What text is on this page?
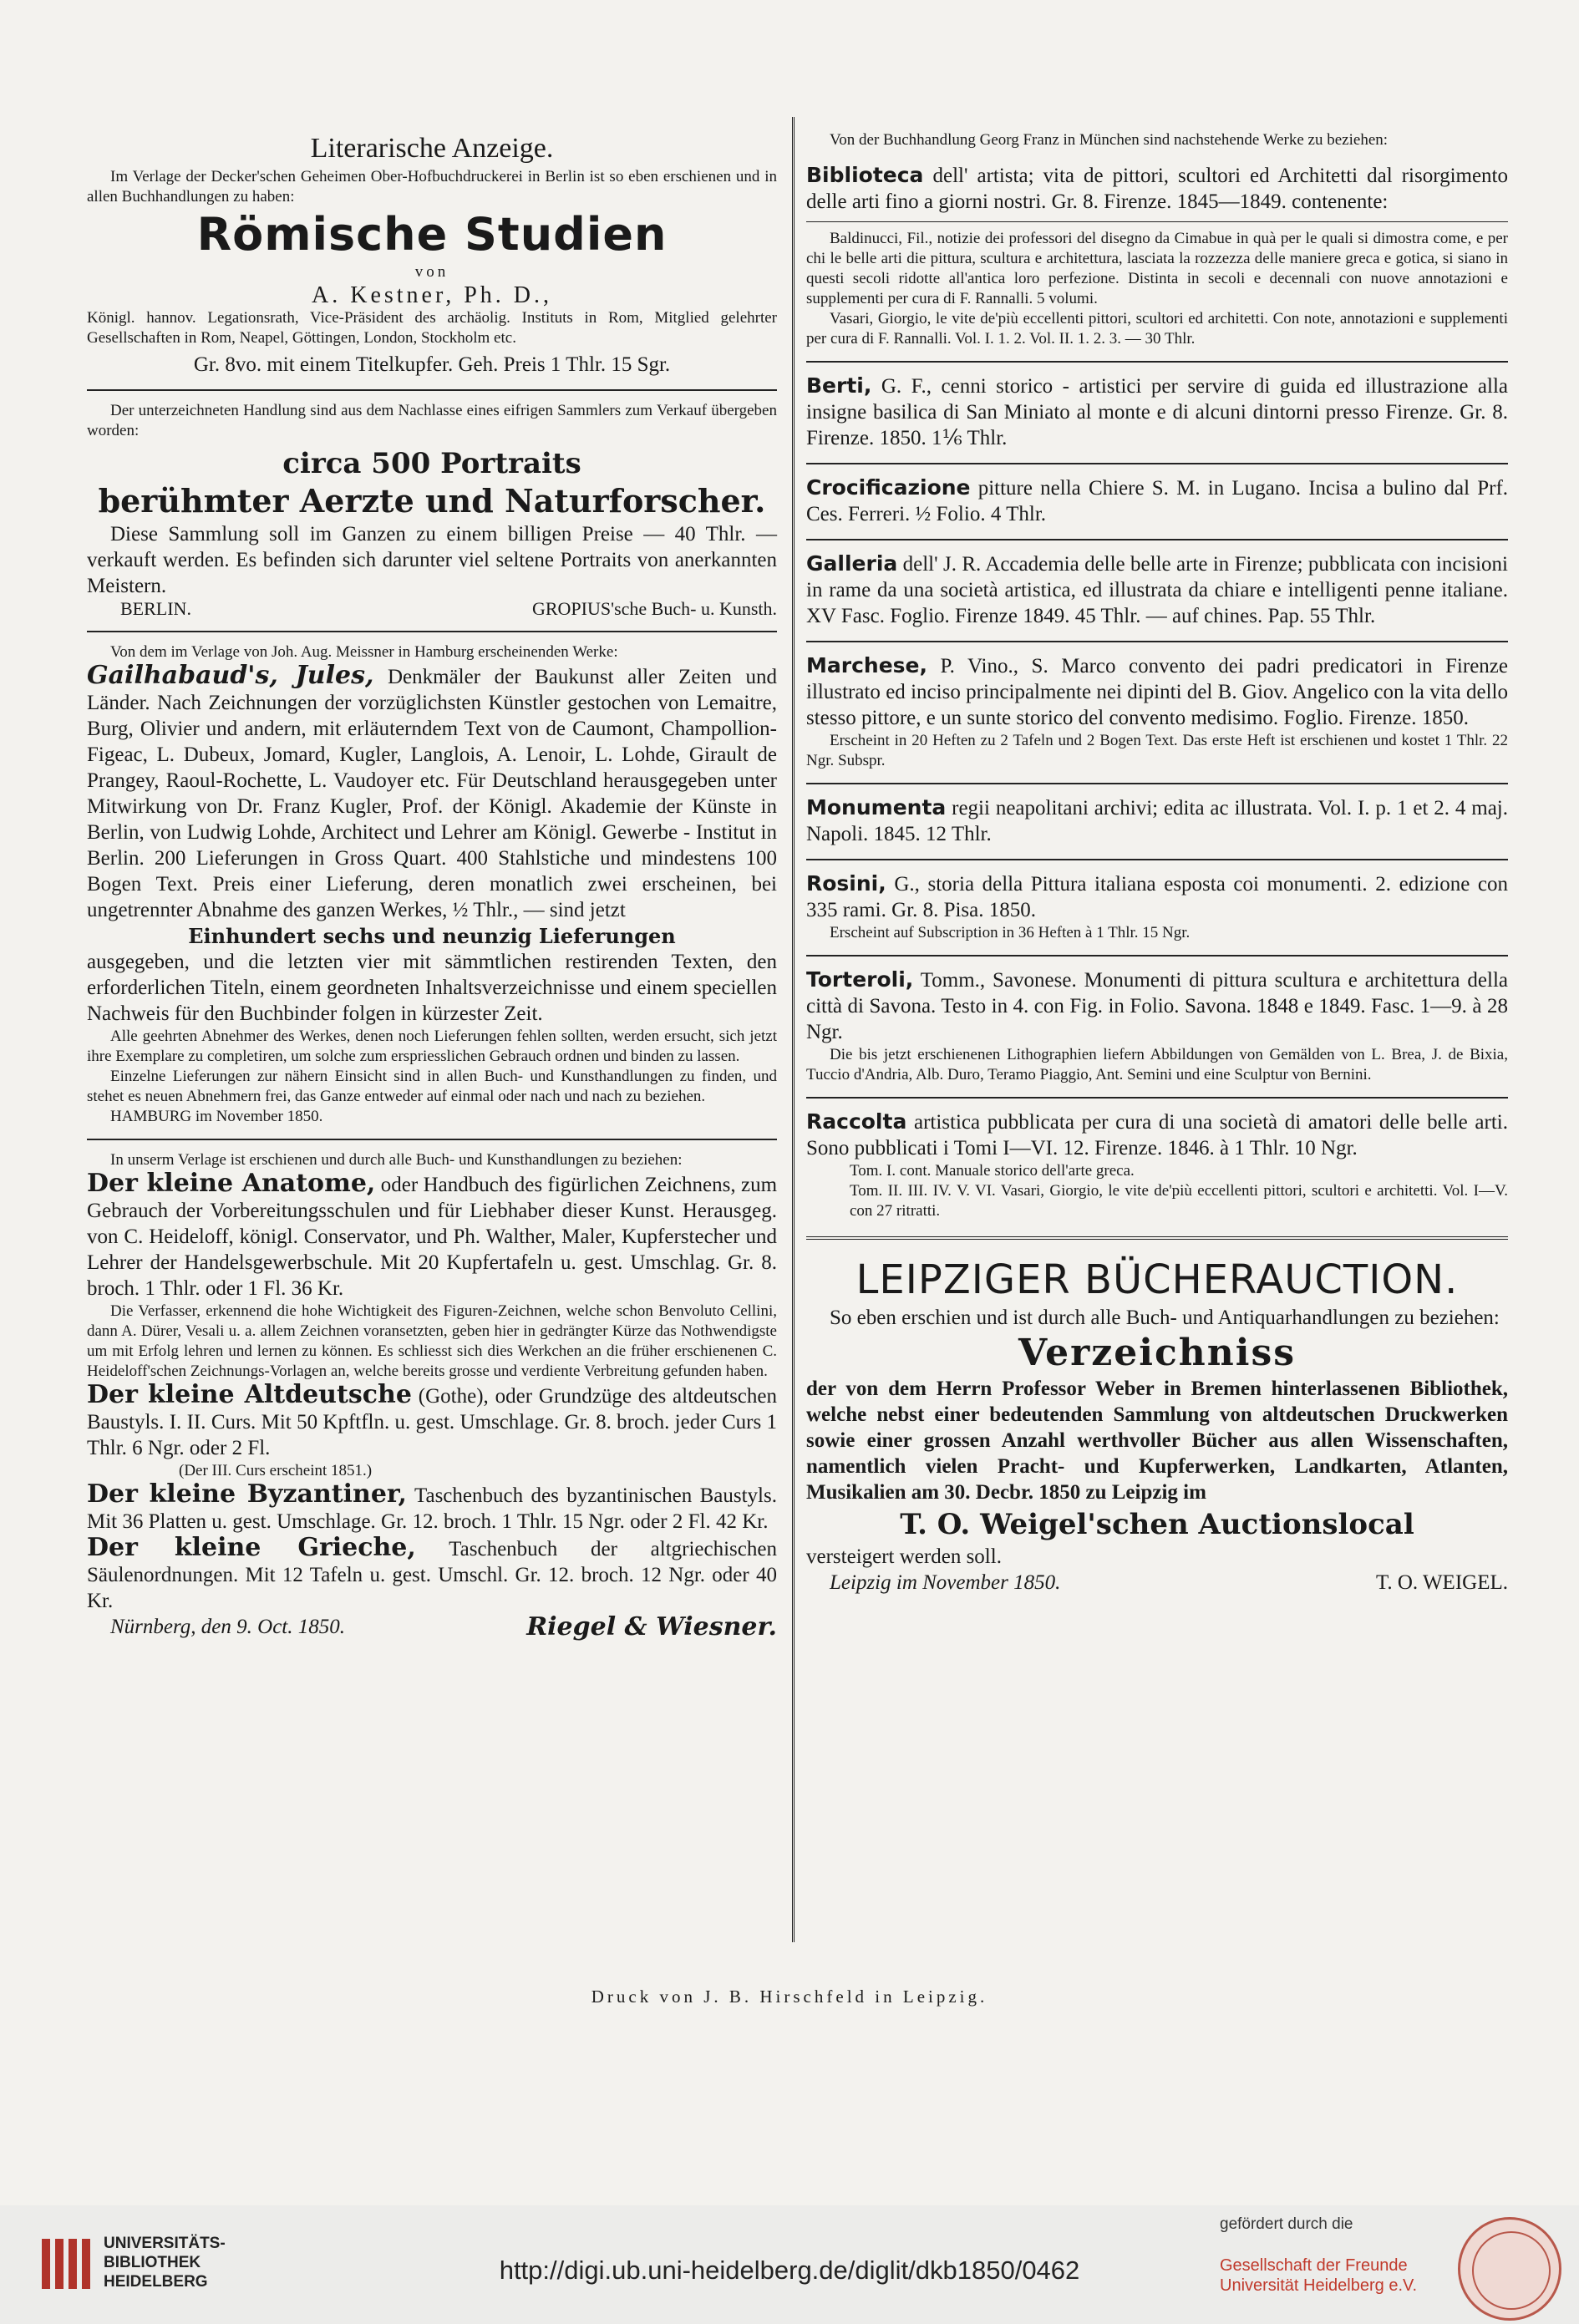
Literarische Anzeige.

Im Verlage der Decker'schen Geheimen Ober-Hofbuchdruckerei in Berlin ist so eben erschienen und in allen Buchhandlungen zu haben:

Römische Studien

von

A. Kestner, Ph. D.,

Königl. hannov. Legationsrath, Vice-Präsident des archäolig. Instituts in Rom, Mitglied gelehrter Gesellschaften in Rom, Neapel, Göttingen, London, Stockholm etc.

Gr. 8vo. mit einem Titelkupfer. Geh. Preis 1 Thlr. 15 Sgr.

Der unterzeichneten Handlung sind aus dem Nachlasse eines eifrigen Sammlers zum Verkauf übergeben worden:

circa 500 Portraits

berühmter Aerzte und Naturforscher.

Diese Sammlung soll im Ganzen zu einem billigen Preise — 40 Thlr. — verkauft werden. Es befinden sich darunter viel seltene Portraits von anerkannten Meistern.

BERLIN.	GROPIUS'sche Buch- u. Kunsth.

Von dem im Verlage von Joh. Aug. Meissner in Hamburg erscheinenden Werke:

Gailhabaud's, Jules, Denkmäler der Baukunst aller Zeiten und Länder. Nach Zeichnungen der vorzüglichsten Künstler gestochen von Lemaitre, Burg, Olivier und andern, mit erläuterndem Text von de Caumont, Champollion-Figeac, L. Dubeux, Jomard, Kugler, Langlois, A. Lenoir, L. Lohde, Girault de Prangey, Raoul-Rochette, L. Vaudoyer etc. Für Deutschland herausgegeben unter Mitwirkung von Dr. Franz Kugler, Prof. der Königl. Akademie der Künste in Berlin, von Ludwig Lohde, Architect und Lehrer am Königl. Gewerbe - Institut in Berlin. 200 Lieferungen in Gross Quart. 400 Stahlstiche und mindestens 100 Bogen Text. Preis einer Lieferung, deren monatlich zwei erscheinen, bei ungetrennter Abnahme des ganzen Werkes, ½ Thlr., — sind jetzt

Einhundert sechs und neunzig Lieferungen

ausgegeben, und die letzten vier mit sämmtlichen restirenden Texten, den erforderlichen Titeln, einem geordneten Inhaltsverzeichnisse und einem speciellen Nachweis für den Buchbinder folgen in kürzester Zeit.

Alle geehrten Abnehmer des Werkes, denen noch Lieferungen fehlen sollten, werden ersucht, sich jetzt ihre Exemplare zu completiren, um solche zum erspriesslichen Gebrauch ordnen und binden zu lassen.

Einzelne Lieferungen zur nähern Einsicht sind in allen Buch- und Kunsthandlungen zu finden, und stehet es neuen Abnehmern frei, das Ganze entweder auf einmal oder nach und nach zu beziehen.

HAMBURG im November 1850.

In unserm Verlage ist erschienen und durch alle Buch- und Kunsthandlungen zu beziehen:

Der kleine Anatome, oder Handbuch des figürlichen Zeichnens, zum Gebrauch der Vorbereitungsschulen und für Liebhaber dieser Kunst. Herausgeg. von C. Heideloff, königl. Conservator, und Ph. Walther, Maler, Kupferstecher und Lehrer der Handelsgewerbschule. Mit 20 Kupfertafeln u. gest. Umschlag. Gr. 8. broch. 1 Thlr. oder 1 Fl. 36 Kr.

Die Verfasser, erkennend die hohe Wichtigkeit des Figuren-Zeichnen, welche schon Benvoluto Cellini, dann A. Dürer, Vesali u. a. allem Zeichnen voransetzten, geben hier in gedrängter Kürze das Nothwendigste um mit Erfolg lehren und lernen zu können. Es schliesst sich dies Werkchen an die früher erschienenen C. Heideloff'schen Zeichnungs-Vorlagen an, welche bereits grosse und verdiente Verbreitung gefunden haben.

Der kleine Altdeutsche (Gothe), oder Grundzüge des altdeutschen Baustyls. I. II. Curs. Mit 50 Kpftfln. u. gest. Umschlage. Gr. 8. broch. jeder Curs 1 Thlr. 6 Ngr. oder 2 Fl.

(Der III. Curs erscheint 1851.)

Der kleine Byzantiner, Taschenbuch des byzantinischen Baustyls. Mit 36 Platten u. gest. Umschlage. Gr. 12. broch. 1 Thlr. 15 Ngr. oder 2 Fl. 42 Kr.

Der kleine Grieche, Taschenbuch der altgriechischen Säulenordnungen. Mit 12 Tafeln u. gest. Umschl. Gr. 12. broch. 12 Ngr. oder 40 Kr.

Nürnberg, den 9. Oct. 1850.	Riegel & Wiesner.

Von der Buchhandlung Georg Franz in München sind nachstehende Werke zu beziehen:

Biblioteca dell' artista; vita de pittori, scultori ed Architetti dal risorgimento delle arti fino a giorni nostri. Gr. 8. Firenze. 1845—1849. contenente:

Baldinucci, Fil., notizie dei professori del disegno da Cimabue in quà per le quali si dimostra come, e per chi le belle arti die pittura, scultura e architettura, lasciata la rozzezza delle maniere greca e gotica, si siano in questi secoli ridotte all'antica loro perfezione. Distinta in secoli e decennali con nuove annotazioni e supplementi per cura di F. Rannalli. 5 volumi.

Vasari, Giorgio, le vite de'più eccellenti pittori, scultori ed architetti. Con note, annotazioni e supplementi per cura di F. Rannalli. Vol. I. 1. 2. Vol. II. 1. 2. 3. — 30 Thlr.

Berti, G. F., cenni storico - artistici per servire di guida ed illustrazione alla insigne basilica di San Miniato al monte e di alcuni dintorni presso Firenze. Gr. 8. Firenze. 1850. 1⅙ Thlr.

Crocificazione pitture nella Chiere S. M. in Lugano. Incisa a bulino dal Prf. Ces. Ferreri. ½ Folio. 4 Thlr.

Galleria dell' J. R. Accademia delle belle arte in Firenze; pubblicata con incisioni in rame da una società artistica, ed illustrata da chiare e intelligenti penne italiane. XV Fasc. Foglio. Firenze 1849. 45 Thlr. — auf chines. Pap. 55 Thlr.

Marchese, P. Vino., S. Marco convento dei padri predicatori in Firenze illustrato ed inciso principalmente nei dipinti del B. Giov. Angelico con la vita dello stesso pittore, e un sunte storico del convento medisimo. Foglio. Firenze. 1850.

Erscheint in 20 Heften zu 2 Tafeln und 2 Bogen Text. Das erste Heft ist erschienen und kostet 1 Thlr. 22 Ngr. Subspr.

Monumenta regii neapolitani archivi; edita ac illustrata. Vol. I. p. 1 et 2. 4 maj. Napoli. 1845. 12 Thlr.

Rosini, G., storia della Pittura italiana esposta coi monumenti. 2. edizione con 335 rami. Gr. 8. Pisa. 1850.

Erscheint auf Subscription in 36 Heften à 1 Thlr. 15 Ngr.

Torteroli, Tomm., Savonese. Monumenti di pittura scultura e architettura della città di Savona. Testo in 4. con Fig. in Folio. Savona. 1848 e 1849. Fasc. 1—9. à 28 Ngr.

Die bis jetzt erschienenen Lithographien liefern Abbildungen von Gemälden von L. Brea, J. de Bixia, Tuccio d'Andria, Alb. Duro, Teramo Piaggio, Ant. Semini und eine Sculptur von Bernini.

Raccolta artistica pubblicata per cura di una società di amatori delle belle arti. Sono pubblicati i Tomi I—VI. 12. Firenze. 1846. à 1 Thlr. 10 Ngr.

Tom. I. cont. Manuale storico dell'arte greca.

Tom. II. III. IV. V. VI. Vasari, Giorgio, le vite de'più eccellenti pittori, scultori e architetti. Vol. I—V. con 27 ritratti.

LEIPZIGER BÜCHERAUCTION.

So eben erschien und ist durch alle Buch- und Antiquarhandlungen zu beziehen:

Verzeichniss

der von dem Herrn Professor Weber in Bremen hinterlassenen Bibliothek, welche nebst einer bedeutenden Sammlung von altdeutschen Druckwerken sowie einer grossen Anzahl werthvoller Bücher aus allen Wissenschaften, namentlich vielen Pracht- und Kupferwerken, Landkarten, Atlanten, Musikalien am 30. Decbr. 1850 zu Leipzig im

T. O. Weigel'schen Auctionslocal

versteigert werden soll.

Leipzig im November 1850.	T. O. WEIGEL.

Druck von J. B. Hirschfeld in Leipzig.

UNIVERSITÄTS-
BIBLIOTHEK
HEIDELBERG	http://digi.ub.uni-heidelberg.de/diglit/dkb1850/0462
gefördert durch die
Gesellschaft der Freunde
Universität Heidelberg e.V.
